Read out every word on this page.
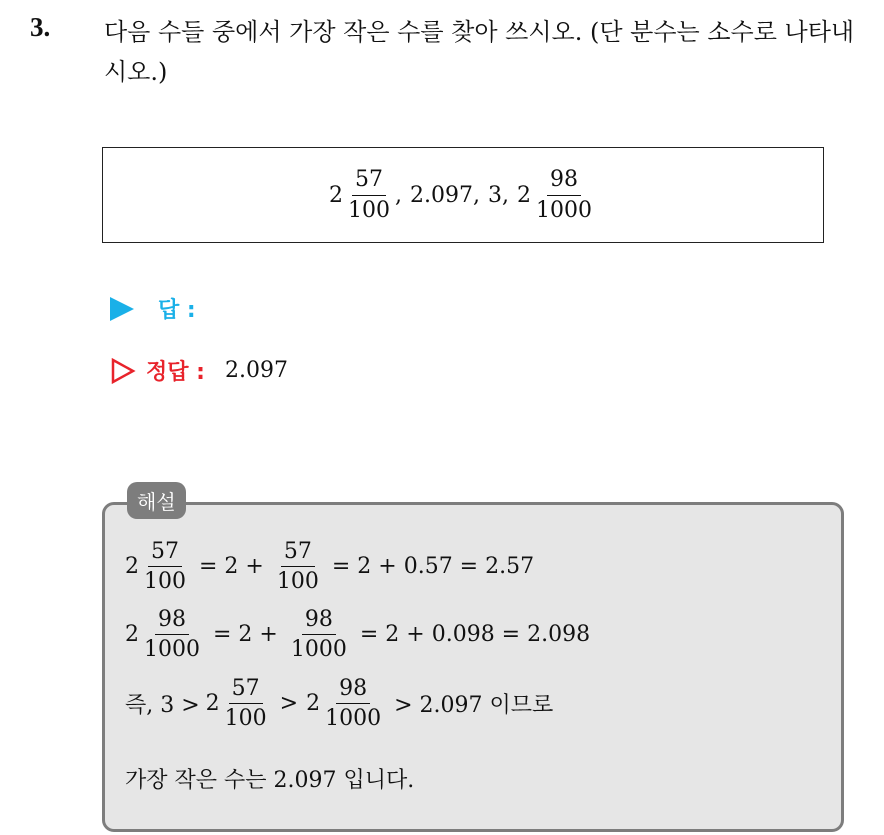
3. 다음 수들 중에서 가장 작은 수를 찾아 쓰시오. (단 분수는 소수로 나타내시오.)
$2 \frac{57}{100}$ , 2.097 , 3 , $2 \frac{98}{1000}$
답 :
정답 : 2.097
해설
$2 \frac{57}{100} = 2 + \frac{57}{100} = 2 + 0.57 = 2.57$
$2 \frac{98}{1000} = 2 + \frac{98}{1000} = 2 + 0.098 = 2.098$
즉, $3 > 2 \frac{57}{100} > 2 \frac{98}{1000} > 2.097$ 이므로
가장 작은 수는 2.097 입니다.
